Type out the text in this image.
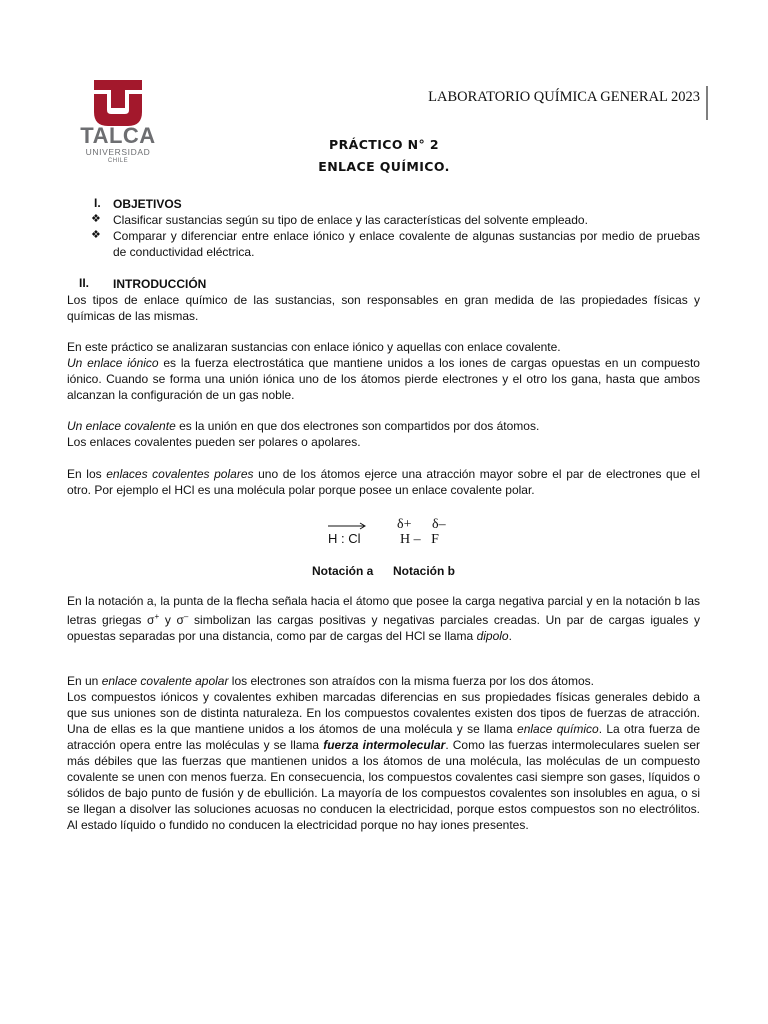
TALCA
UNIVERSIDAD
CHILE
LABORATORIO QUÍMICA GENERAL 2023
PRÁCTICO N° 2
ENLACE QUÍMICO.
I. OBJETIVOS
❖ Clasificar sustancias según su tipo de enlace y las características del solvente empleado.
❖ Comparar y diferenciar entre enlace iónico y enlace covalente de algunas sustancias por medio de pruebas de conductividad eléctrica.
II. INTRODUCCIÓN
Los tipos de enlace químico de las sustancias, son responsables en gran medida de las propiedades físicas y químicas de las mismas.
En este práctico se analizaran sustancias con enlace iónico y aquellas con enlace covalente.
Un enlace iónico es la fuerza electrostática que mantiene unidos a los iones de cargas opuestas en un compuesto iónico. Cuando se forma una unión iónica uno de los átomos pierde electrones y el otro los gana, hasta que ambos alcanzan la configuración de un gas noble.
Un enlace covalente es la unión en que dos electrones son compartidos por dos átomos.
Los enlaces covalentes pueden ser polares o apolares.
En los enlaces covalentes polares uno de los átomos ejerce una atracción mayor sobre el par de electrones que el otro. Por ejemplo el HCl es una molécula polar porque posee un enlace covalente polar.
H : Cl
δ+ δ–
H –   F
Notación a Notación b
En la notación a, la punta de la flecha señala hacia el átomo que posee la carga negativa parcial y en la notación b las letras griegas σ+ y σ– simbolizan las cargas positivas y negativas parciales creadas. Un par de cargas iguales y opuestas separadas por una distancia, como par de cargas del HCl se llama dipolo.
En un enlace covalente apolar los electrones son atraídos con la misma fuerza por los dos átomos.
Los compuestos iónicos y covalentes exhiben marcadas diferencias en sus propiedades físicas generales debido a que sus uniones son de distinta naturaleza. En los compuestos covalentes existen dos tipos de fuerzas de atracción. Una de ellas es la que mantiene unidos a los átomos de una molécula y se llama enlace químico. La otra fuerza de atracción opera entre las moléculas y se llama fuerza intermolecular. Como las fuerzas intermoleculares suelen ser más débiles que las fuerzas que mantienen unidos a los átomos de una molécula, las moléculas de un compuesto covalente se unen con menos fuerza. En consecuencia, los compuestos covalentes casi siempre son gases, líquidos o sólidos de bajo punto de fusión y de ebullición. La mayoría de los compuestos covalentes son insolubles en agua, o si se llegan a disolver las soluciones acuosas no conducen la electricidad, porque estos compuestos son no electrólitos. Al estado líquido o fundido no conducen la electricidad porque no hay iones presentes.
